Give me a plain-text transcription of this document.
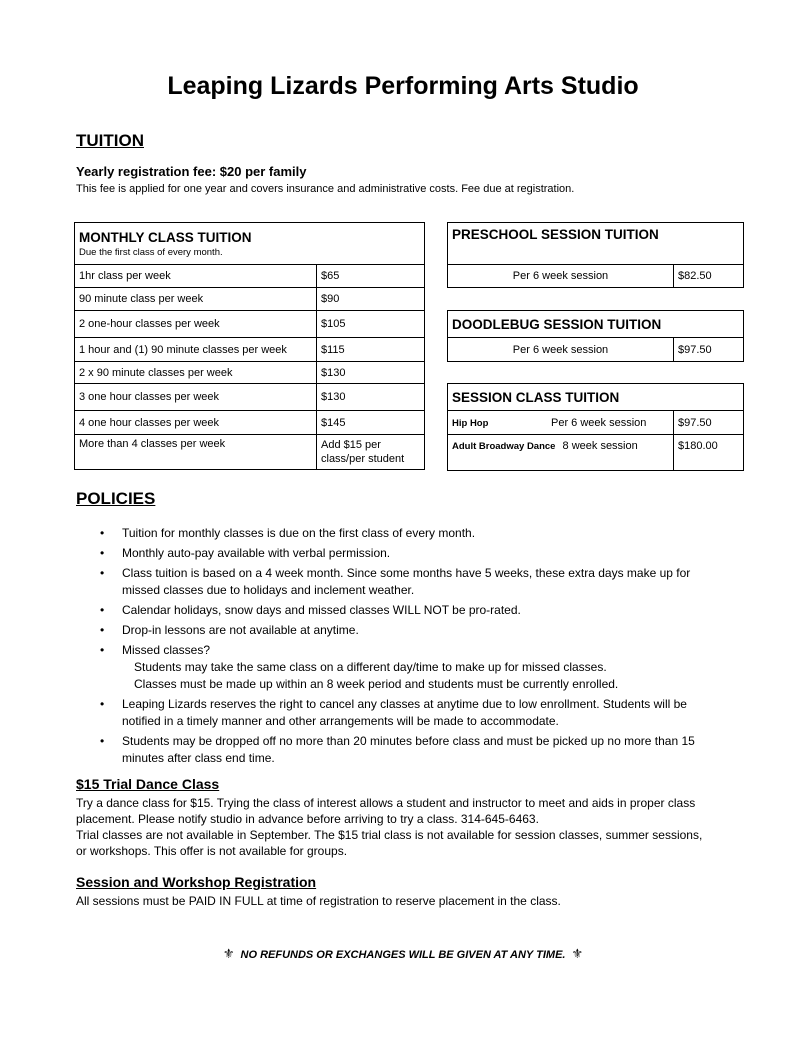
Leaping Lizards Performing Arts Studio
TUITION
Yearly registration fee: $20 per family
This fee is applied for one year and covers insurance and administrative costs. Fee due at registration.
MONTHLY CLASS TUITION
Due the first class of every month.	

1hr class per week	$65
90 minute class per week	$90
2 one-hour classes per week	$105
1 hour and (1) 90 minute classes per week	$115
2 x 90 minute classes per week	$130
3 one hour classes per week	$130
4 one hour classes per week	$145
More than 4 classes per week	Add $15 per
class/per student
PRESCHOOL SESSION TUITION
Per 6 week session	$82.50
DOODLEBUG SESSION TUITION
Per 6 week session	$97.50
SESSION CLASS TUITION	
Hip Hop Per 6 week session	$97.50
Adult Broadway Dance 8 week session	$180.00
POLICIES
• Tuition for monthly classes is due on the first class of every month.
• Monthly auto-pay available with verbal permission.
• Class tuition is based on a 4 week month. Since some months have 5 weeks, these extra days make up for missed classes due to holidays and inclement weather.
• Calendar holidays, snow days and missed classes WILL NOT be pro-rated.
• Drop-in lessons are not available at anytime.
• Missed classes?
Students may take the same class on a different day/time to make up for missed classes.
Classes must be made up within an 8 week period and students must be currently enrolled.
• Leaping Lizards reserves the right to cancel any classes at anytime due to low enrollment. Students will be notified in a timely manner and other arrangements will be made to accommodate.
• Students may be dropped off no more than 20 minutes before class and must be picked up no more than 15 minutes after class end time.
$15 Trial Dance Class
Try a dance class for $15. Trying the class of interest allows a student and instructor to meet and aids in proper class placement. Please notify studio in advance before arriving to try a class. 314-645-6463.
Trial classes are not available in September. The $15 trial class is not available for session classes, summer sessions, or workshops. This offer is not available for groups.
Session and Workshop Registration
All sessions must be PAID IN FULL at time of registration to reserve placement in the class.
⚜ NO REFUNDS OR EXCHANGES WILL BE GIVEN AT ANY TIME. ⚜
